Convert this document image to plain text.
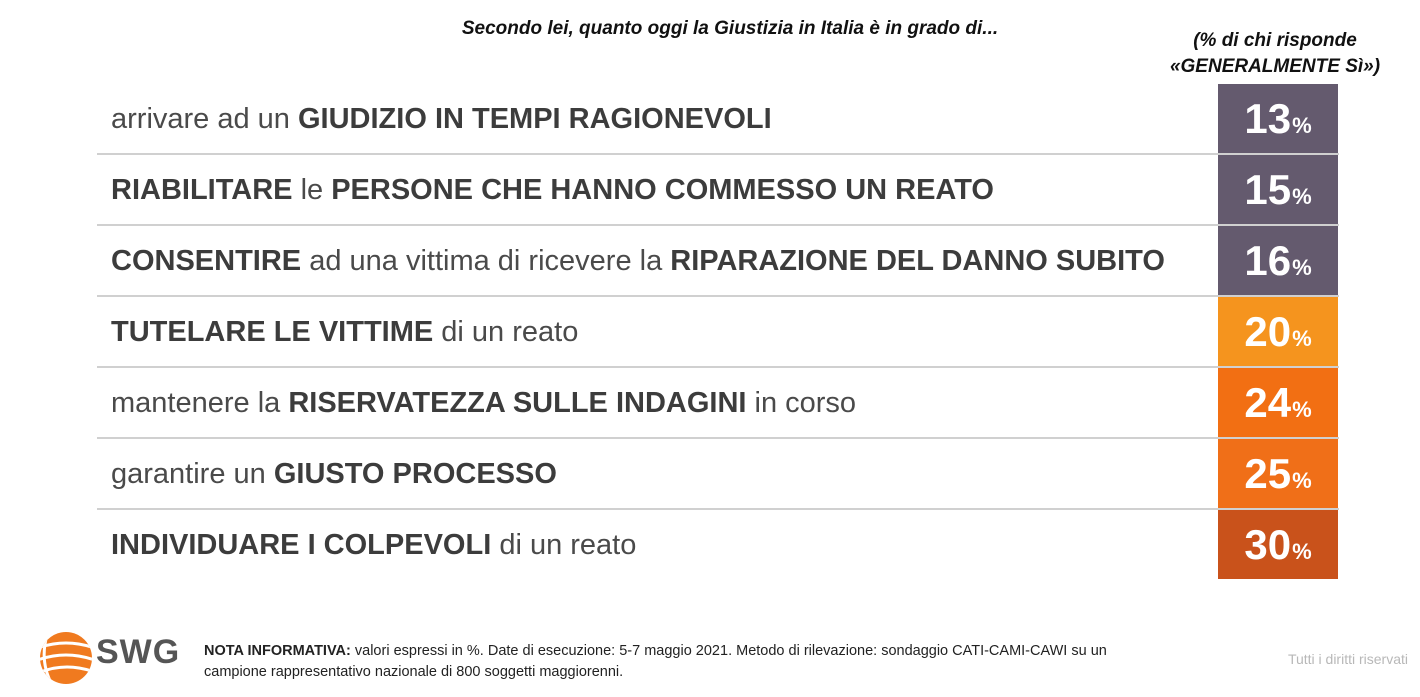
Secondo lei, quanto oggi la Giustizia in Italia è in grado di...
(% di chi risponde
«GENERALMENTE Sì»)
arrivare ad un GIUDIZIO IN TEMPI RAGIONEVOLI	13 %
RIABILITARE le PERSONE CHE HANNO COMMESSO UN REATO	15 %
CONSENTIRE ad una vittima di ricevere la RIPARAZIONE DEL DANNO SUBITO 16 %
TUTELARE LE VITTIME di un reato	20 %
mantenere la RISERVATEZZA SULLE INDAGINI in corso	24 %
garantire un GIUSTO PROCESSO	25 %
INDIVIDUARE I COLPEVOLI di un reato	30 %
SWG NOTA INFORMATIVA: valori espressi in %. Date di esecuzione: 5-7 maggio 2021. Metodo di rilevazione: sondaggio CATI-CAMI-CAWI su un campione rappresentativo nazionale di 800 soggetti maggiorenni.
Tutti i diritti riservati
